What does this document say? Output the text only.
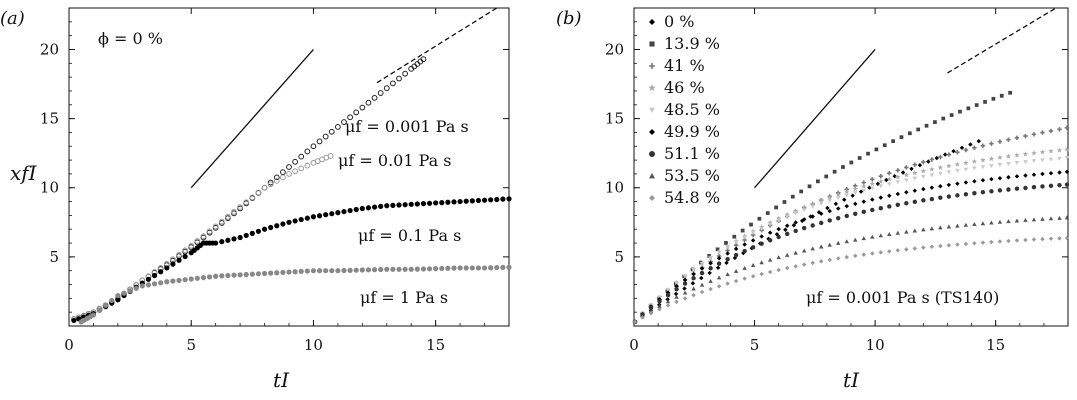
0	5	10	15
5
10
15
20
(a)
tI
xfI
ϕ = 0 %
μf = 0.001 Pa s
μf = 0.01 Pa s
μf = 0.1 Pa s
μf = 1 Pa s
0	5	10	15
5
10
15
20
0 %
13.9 %
41 %
46 %
48.5 %
49.9 %
51.1 %
53.5 %
54.8 %
(b)
tI
μf = 0.001 Pa s (TS140)
